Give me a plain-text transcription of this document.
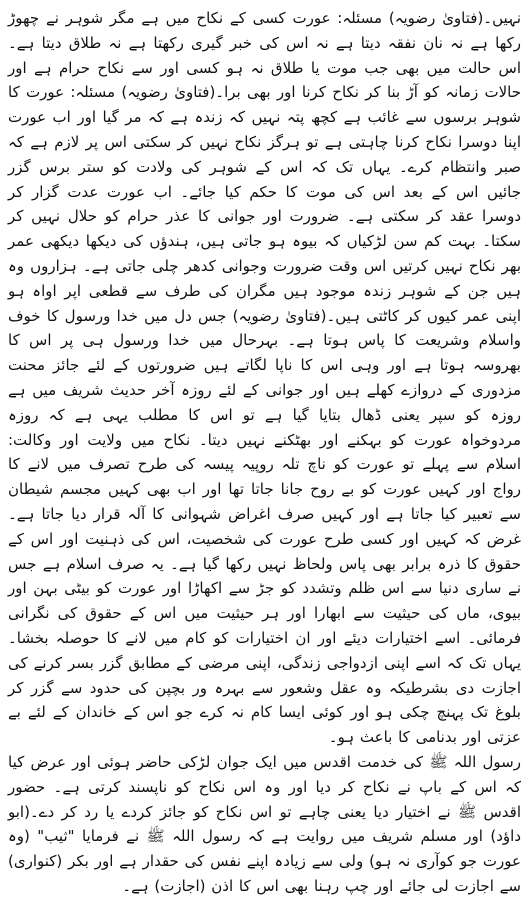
نہیں۔(فتاویٰ رضویہ) مسئلہ: عورت کسی کے نکاح میں ہے مگر شوہر نے چھوڑ رکھا ہے نہ نان نفقہ دیتا ہے نہ اس کی خبر گیری رکھتا ہے نہ طلاق دیتا ہے۔ اس حالت میں بھی جب موت یا طلاق نہ ہو کسی اور سے نکاح حرام ہے اور حالات زمانہ کو آڑ بنا کر نکاح کرنا اور بھی برا۔(فتاویٰ رضویہ) مسئلہ: عورت کا شوہر برسوں سے غائب ہے کچھ پتہ نہیں کہ زندہ ہے کہ مر گیا اور اب عورت اپنا دوسرا نکاح کرنا چاہتی ہے تو ہرگز نکاح نہیں کر سکتی اس پر لازم ہے کہ صبر وانتظام کرے۔ یہاں تک کہ اس کے شوہر کی ولادت کو ستر برس گزر جائیں اس کے بعد اس کی موت کا حکم کیا جائے۔ اب عورت عدت گزار کر دوسرا عقد کر سکتی ہے۔ ضرورت اور جوانی کا عذر حرام کو حلال نہیں کر سکتا۔ بہت کم سن لڑکیاں کہ بیوہ ہو جاتی ہیں، ہندؤں کی دیکھا دیکھی عمر بھر نکاح نہیں کرتیں اس وقت ضرورت وجوانی کدھر چلی جاتی ہے۔ ہزاروں وہ ہیں جن کے شوہر زندہ موجود ہیں مگران کی طرف سے قطعی اپر اواہ ہو اپنی عمر کیوں کر کاٹتی ہیں۔(فتاویٰ رضویہ) جس دل میں خدا ورسول کا خوف واسلام وشریعت کا پاس ہوتا ہے۔ بہرحال میں خدا ورسول ہی پر اس کا بھروسہ ہوتا ہے اور وہی اس کا ناپا لگاتے ہیں ضرورتوں کے لئے جائز محنت مزدوری کے دروازے کھلے ہیں اور جوانی کے لئے روزہ آخر حدیث شریف میں ہے روزہ کو سپر یعنی ڈھال بتایا گیا ہے تو اس کا مطلب یہی ہے کہ روزہ مردوخواہ عورت کو بہکنے اور بھٹکنے نہیں دیتا۔ نکاح میں ولایت اور وکالت: اسلام سے پہلے تو عورت کو ناچ تلہ روپیہ پیسہ کی طرح تصرف میں لانے کا رواج اور کہیں عورت کو بے روح جانا جاتا تھا اور اب بھی کہیں مجسم شیطان سے تعبیر کیا جاتا ہے اور کہیں صرف اغراض شہوانی کا آلہ قرار دیا جاتا ہے۔ غرض کہ کہیں اور کسی طرح عورت کی شخصیت، اس کی ذہنیت اور اس کے حقوق کا ذرہ برابر بھی پاس ولحاظ نہیں رکھا گیا ہے۔ یہ صرف اسلام ہے جس نے ساری دنیا سے اس ظلم وتشدد کو جڑ سے اکھاڑا اور عورت کو بیٹی بہن اور بیوی، ماں کی حیثیت سے ابھارا اور ہر حیثیت میں اس کے حقوق کی نگرانی فرمائی۔ اسے اختیارات دیئے اور ان اختیارات کو کام میں لانے کا حوصلہ بخشا۔ یہاں تک کہ اسے اپنی ازدواجی زندگی، اپنی مرضی کے مطابق گزر بسر کرنے کی اجازت دی بشرطیکہ وہ عقل وشعور سے بہرہ ور بچپن کی حدود سے گزر کر بلوغ تک پہنچ چکی ہو اور کوئی ایسا کام نہ کرے جو اس کے خاندان کے لئے بے عزتی اور بدنامی کا باعث ہو۔

رسول اللہ ﷺ کی خدمت اقدس میں ایک جوان لڑکی حاضر ہوئی اور عرض کیا کہ اس کے باپ نے نکاح کر دیا اور وہ اس نکاح کو ناپسند کرتی ہے۔ حضور اقدس ﷺ نے اختیار دیا یعنی چاہے تو اس نکاح کو جائز کردے یا رد کر دے۔(ابو داؤد) اور مسلم شریف میں روایت ہے کہ رسول اللہ ﷺ نے فرمایا "ثیب" (وہ عورت جو کوآری نہ ہو) ولی سے زیادہ اپنے نفس کی حقدار ہے اور بکر (کنواری) سے اجازت لی جائے اور چپ رہنا بھی اس کا اذن (اجازت) ہے۔
